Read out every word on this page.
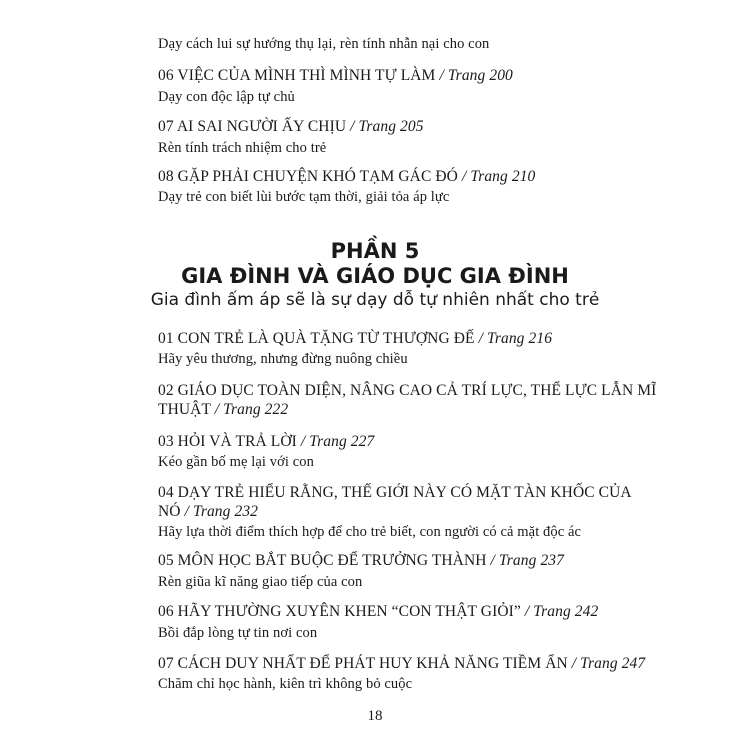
Dạy cách lui sự hướng thụ lại, rèn tính nhẫn nại cho con
06 VIỆC CỦA MÌNH THÌ MÌNH TỰ LÀM / Trang 200
Dạy con độc lập tự chủ
07 AI SAI NGƯỜI ẤY CHỊU / Trang 205
Rèn tính trách nhiệm cho trẻ
08 GẶP PHẢI CHUYỆN KHÓ TẠM GÁC ĐÓ / Trang 210
Dạy trẻ con biết lùi bước tạm thời, giải tỏa áp lực
PHẦN 5
GIA ĐÌNH VÀ GIÁO DỤC GIA ĐÌNH
Gia đình ấm áp sẽ là sự dạy dỗ tự nhiên nhất cho trẻ
01 CON TRẺ LÀ QUÀ TẶNG TỪ THƯỢNG ĐẾ / Trang 216
Hãy yêu thương, nhưng đừng nuông chiều
02 GIÁO DỤC TOÀN DIỆN, NÂNG CAO CẢ TRÍ LỰC, THỂ LỰC LẪN MĨ
THUẬT / Trang 222
03 HỎI VÀ TRẢ LỜI / Trang 227
Kéo gần bố mẹ lại với con
04 DẠY TRẺ HIỂU RẰNG, THẾ GIỚI NÀY CÓ MẶT TÀN KHỐC CỦA
NÓ / Trang 232
Hãy lựa thời điểm thích hợp để cho trẻ biết, con người có cả mặt độc ác
05 MÔN HỌC BẮT BUỘC ĐỂ TRƯỞNG THÀNH / Trang 237
Rèn giũa kĩ năng giao tiếp của con
06 HÃY THƯỜNG XUYÊN KHEN “CON THẬT GIỎI” / Trang 242
Bồi đắp lòng tự tin nơi con
07 CÁCH DUY NHẤT ĐỂ PHÁT HUY KHẢ NĂNG TIỀM ẨN / Trang 247
Chăm chỉ học hành, kiên trì không bỏ cuộc
18
